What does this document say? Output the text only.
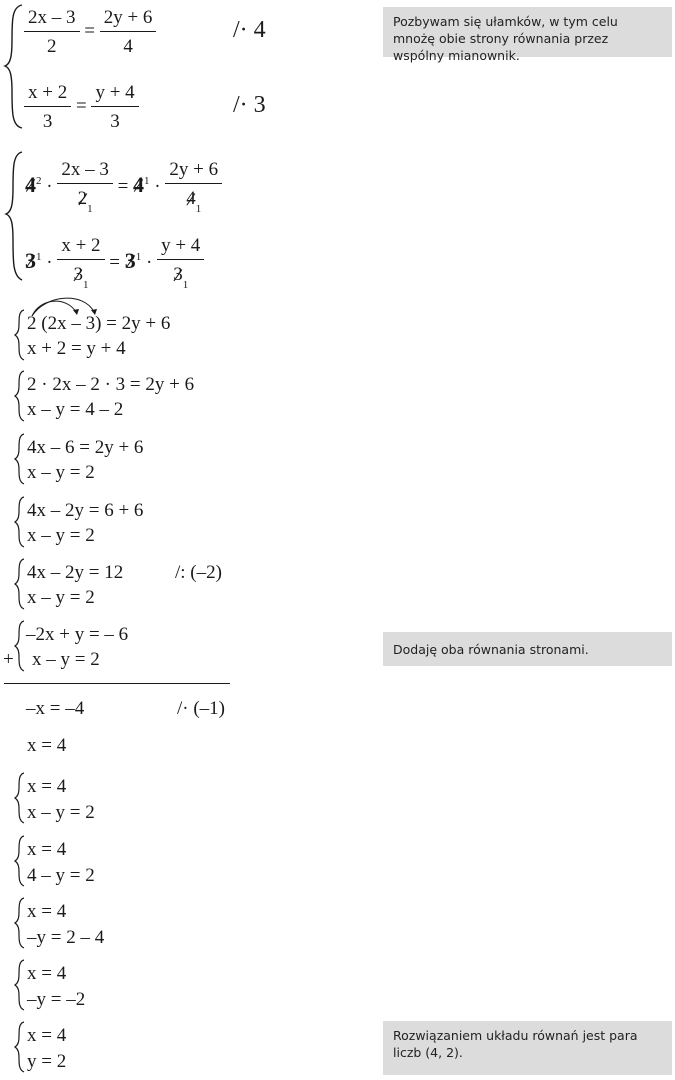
Pozbywam się ułamków, w tym celu mnożę obie strony równania przez wspólny mianownik.
Dodaję oba równania stronami.
Rozwiązaniem układu równań jest para liczb (4, 2).
$\frac{2x - 3}{2} = \frac{2y + 6}{4}$	/· 4
$\frac{x + 2}{3} = \frac{y + 4}{3}$	/· 3
$4^2 \cdot \frac{2x - 3}{2_1} = 4^1 \cdot \frac{2y + 6}{4_1}$
$3^1 \cdot \frac{x + 2}{3_1} = 3^1 \cdot \frac{y + 4}{3_1}$
2 (2x – 3) = 2y + 6
x + 2 = y + 4
2 · 2x – 2 · 3 = 2y + 6
x – y = 4 – 2
4x – 6 = 2y + 6
x – y = 2
4x – 2y = 6 + 6
x – y = 2
4x – 2y = 12	/: (–2)
x – y = 2
+
–2x + y = – 6
x – y = 2
–x = –4	/· (–1)
x = 4
x = 4
x – y = 2
x = 4
4 – y = 2
x = 4
–y = 2 – 4
x = 4
–y = –2
x = 4
y = 2
